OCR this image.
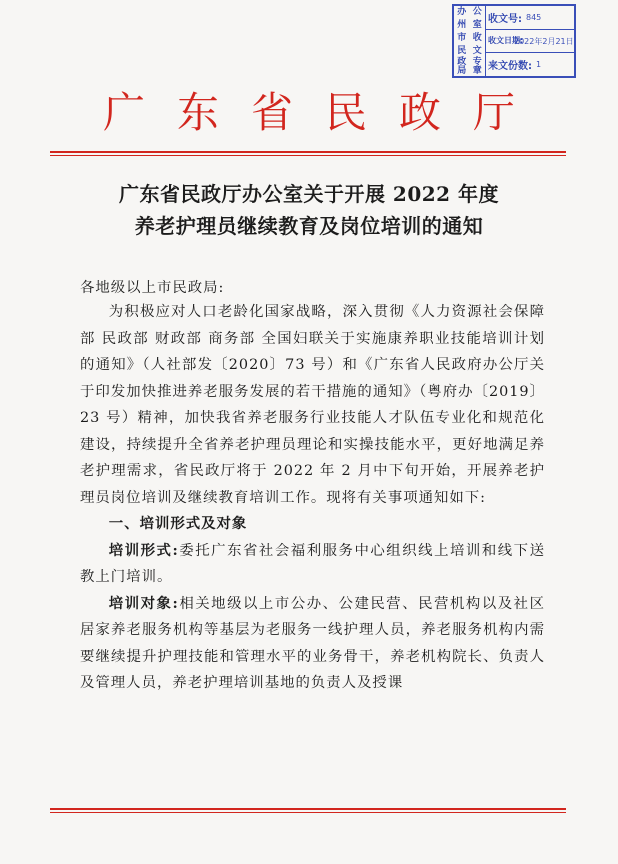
办 公
州 室
市 收
民 文
政 专
局 章
收文号: 845
收文日期:
2022年2月21日
来文份数: 1
广东省民政厅
广东省民政厅办公室关于开展 2022 年度
养老护理员继续教育及岗位培训的通知
各地级以上市民政局:

为积极应对人口老龄化国家战略，深入贯彻《人力资源社会保障部 民政部 财政部 商务部 全国妇联关于实施康养职业技能培训计划的通知》（人社部发〔2020〕73 号）和《广东省人民政府办公厅关于印发加快推进养老服务发展的若干措施的通知》（粤府办〔2019〕23 号）精神，加快我省养老服务行业技能人才队伍专业化和规范化建设，持续提升全省养老护理员理论和实操技能水平，更好地满足养老护理需求，省民政厅将于 2022 年 2 月中下旬开始，开展养老护理员岗位培训及继续教育培训工作。现将有关事项通知如下:

一、培训形式及对象

培训形式:委托广东省社会福利服务中心组织线上培训和线下送教上门培训。

培训对象:相关地级以上市公办、公建民营、民营机构以及社区居家养老服务机构等基层为老服务一线护理人员，养老服务机构内需要继续提升护理技能和管理水平的业务骨干，养老机构院长、负责人及管理人员，养老护理培训基地的负责人及授课
